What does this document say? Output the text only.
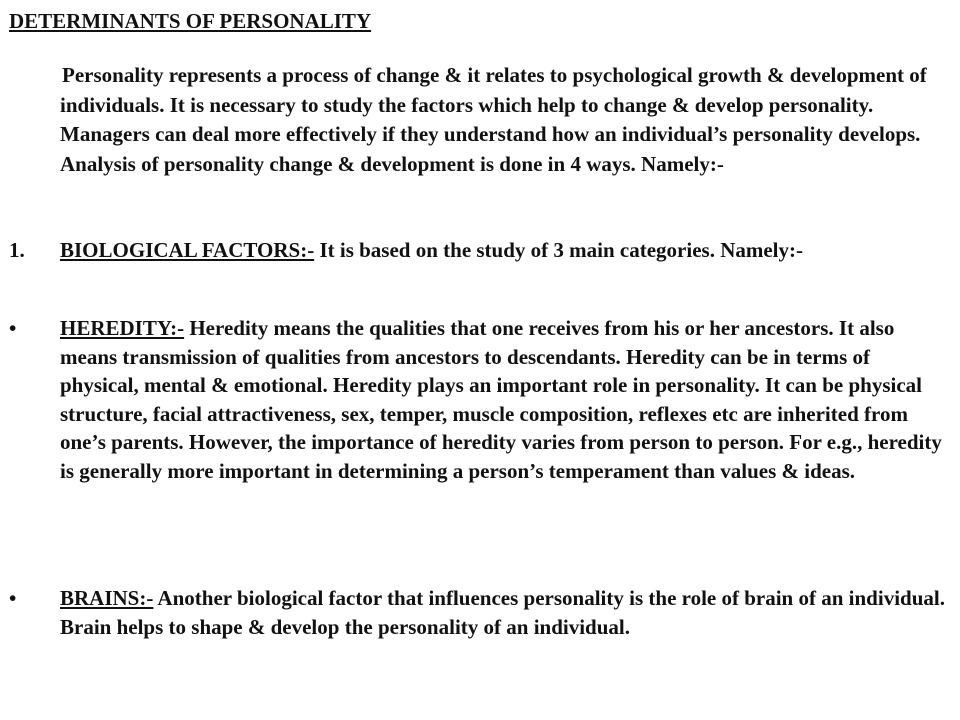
DETERMINANTS OF PERSONALITY
Personality represents a process of change & it relates to psychological growth & development of individuals. It is necessary to study the factors which help to change & develop personality. Managers can deal more effectively if they understand how an individual’s personality develops. Analysis of personality change & development is done in 4 ways. Namely:-
1. BIOLOGICAL FACTORS:- It is based on the study of 3 main categories. Namely:-
• HEREDITY:- Heredity means the qualities that one receives from his or her ancestors. It also means transmission of qualities from ancestors to descendants. Heredity can be in terms of physical, mental & emotional. Heredity plays an important role in personality. It can be physical structure, facial attractiveness, sex, temper, muscle composition, reflexes etc are inherited from one’s parents. However, the importance of heredity varies from person to person. For e.g., heredity is generally more important in determining a person’s temperament than values & ideas.
• BRAINS:- Another biological factor that influences personality is the role of brain of an individual. Brain helps to shape & develop the personality of an individual.
